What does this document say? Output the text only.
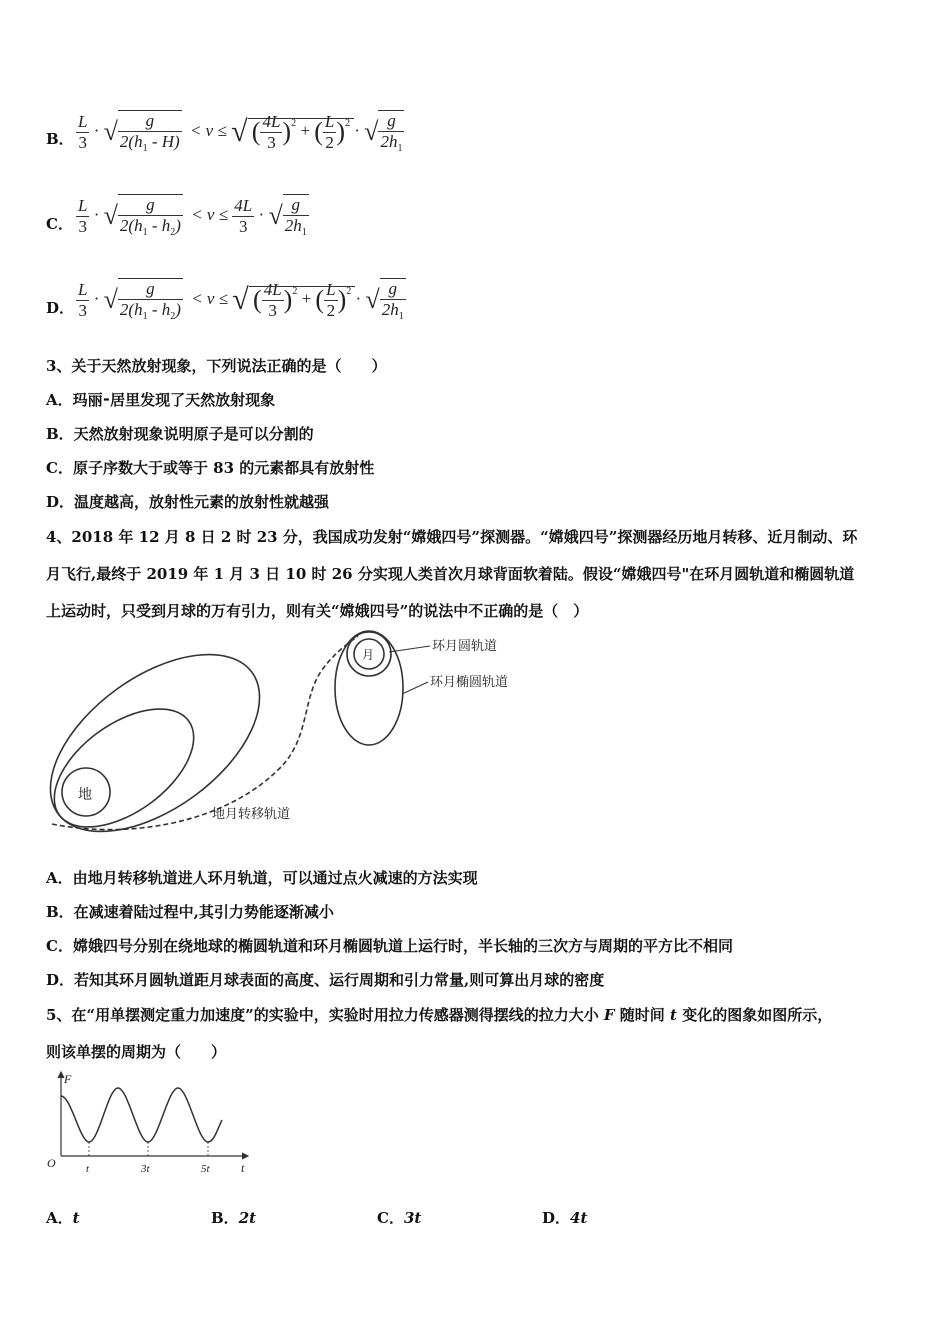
B． $\frac{L}{3}$ · √ $\frac{g}{2(h_1 - H)} < v$ ≤ √ ( $\frac{4L}{3} )^2$ + ( $\frac{L}{2} )^2$ · √ $\frac{g}{2h_1}$
C． $\frac{L}{3}$ · √ $\frac{g}{2(h_1 - h_2)} < v \le \frac{4L}{3}$ · √ $\frac{g}{2h_1}$
D． $\frac{L}{3}$ · √ $\frac{g}{2(h_1 - h_2)} < v$ ≤ √ ( $\frac{4L}{3} )^2$ + ( $\frac{L}{2} )^2$ · √ $\frac{g}{2h_1}$
3、关于天然放射现象，下列说法正确的是（　　）
A．玛丽⁃居里发现了天然放射现象
B．天然放射现象说明原子是可以分割的
C．原子序数大于或等于 83 的元素都具有放射性
D．温度越高，放射性元素的放射性就越强
4、2018 年 12 月 8 日 2 时 23 分，我国成功发射“嫦娥四号”探测器。“嫦娥四号”探测器经历地月转移、近月制动、环
月飞行,最终于 2019 年 1 月 3 日 10 时 26 分实现人类首次月球背面软着陆。假设“嫦娥四号"在环月圆轨道和椭圆轨道
上运动时，只受到月球的万有引力，则有关“嫦娥四号”的说法中不正确的是（　）
地
月
环月圆轨道
环月椭圆轨道
地月转移轨道
A．由地月转移轨道进人环月轨道，可以通过点火减速的方法实现
B．在减速着陆过程中,其引力势能逐渐减小
C．嫦娥四号分别在绕地球的椭圆轨道和环月椭圆轨道上运行时，半长轴的三次方与周期的平方比不相同
D．若知其环月圆轨道距月球表面的高度、运行周期和引力常量,则可算出月球的密度
5、在“用单摆测定重力加速度”的实验中，实验时用拉力传感器测得摆线的拉力大小 F 随时间 t 变化的图象如图所示，
则该单摆的周期为（　　）
F
O	t
t	3t	5t
A．t	B．2t	C．3t	D．4t
